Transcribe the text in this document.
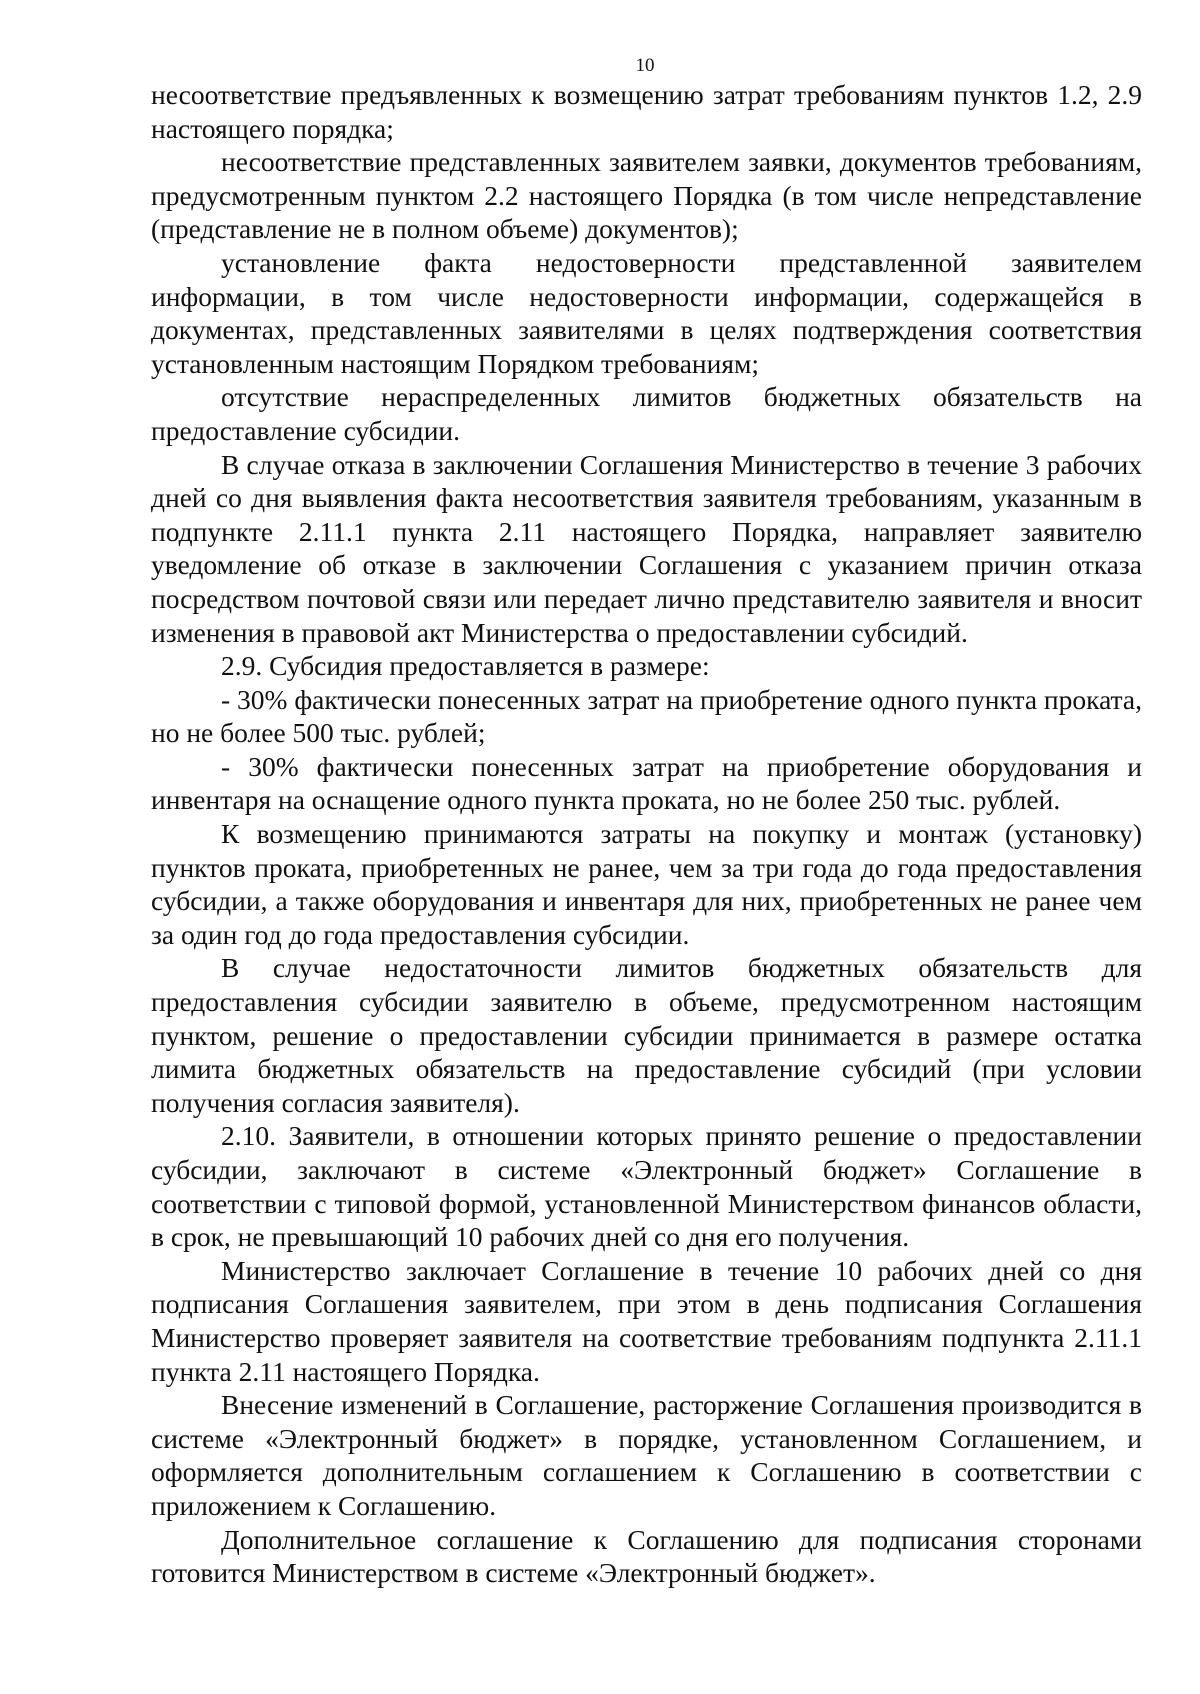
10

несоответствие предъявленных к возмещению затрат требованиям пунктов 1.2, 2.9 настоящего порядка;

несоответствие представленных заявителем заявки, документов требованиям, предусмотренным пунктом 2.2 настоящего Порядка (в том числе непредставление (представление не в полном объеме) документов);

установление факта недостоверности представленной заявителем информации, в том числе недостоверности информации, содержащейся в документах, представленных заявителями в целях подтверждения соответствия установленным настоящим Порядком требованиям;

отсутствие нераспределенных лимитов бюджетных обязательств на предоставление субсидии.

В случае отказа в заключении Соглашения Министерство в течение 3 рабочих дней со дня выявления факта несоответствия заявителя требованиям, указанным в подпункте 2.11.1 пункта 2.11 настоящего Порядка, направляет заявителю уведомление об отказе в заключении Соглашения с указанием причин отказа посредством почтовой связи или передает лично представителю заявителя и вносит изменения в правовой акт Министерства о предоставлении субсидий.

2.9. Субсидия предоставляется в размере:

- 30% фактически понесенных затрат на приобретение одного пункта проката, но не более 500 тыс. рублей;

- 30% фактически понесенных затрат на приобретение оборудования и инвентаря на оснащение одного пункта проката, но не более 250 тыс. рублей.

К возмещению принимаются затраты на покупку и монтаж (установку) пунктов проката, приобретенных не ранее, чем за три года до года предоставления субсидии, а также оборудования и инвентаря для них, приобретенных не ранее чем за один год до года предоставления субсидии.

В случае недостаточности лимитов бюджетных обязательств для предоставления субсидии заявителю в объеме, предусмотренном настоящим пунктом, решение о предоставлении субсидии принимается в размере остатка лимита бюджетных обязательств на предоставление субсидий (при условии получения согласия заявителя).

2.10. Заявители, в отношении которых принято решение о предоставлении субсидии, заключают в системе «Электронный бюджет» Соглашение в соответствии с типовой формой, установленной Министерством финансов области, в срок, не превышающий 10 рабочих дней со дня его получения.

Министерство заключает Соглашение в течение 10 рабочих дней со дня подписания Соглашения заявителем, при этом в день подписания Соглашения Министерство проверяет заявителя на соответствие требованиям подпункта 2.11.1 пункта 2.11 настоящего Порядка.

Внесение изменений в Соглашение, расторжение Соглашения производится в системе «Электронный бюджет» в порядке, установленном Соглашением, и оформляется дополнительным соглашением к Соглашению в соответствии с приложением к Соглашению.

Дополнительное соглашение к Соглашению для подписания сторонами готовится Министерством в системе «Электронный бюджет».
